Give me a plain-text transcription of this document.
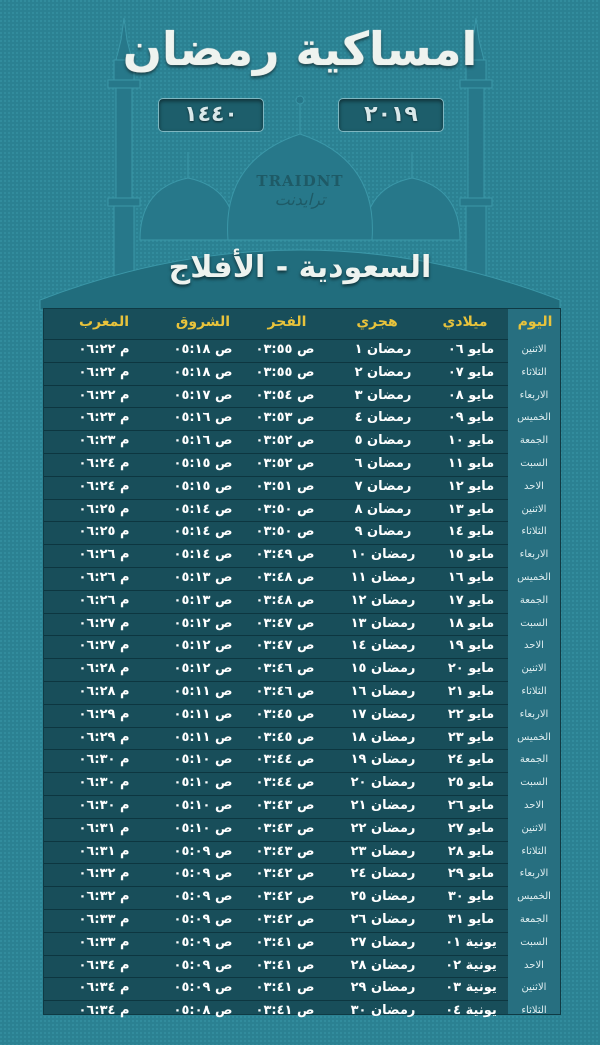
امساكية رمضان
١٤٤٠	٢٠١٩
TRAIDNT
ترايدنت
السعودية - الأفلاج
اليوم
ميلادي
هجري
الفجر
الشروق
المغرب
الاثنين
مايو ٠٦
رمضان ١
ص ٠٣:٥٥
ص ٠٥:١٨
م ٠٦:٢٢
الثلاثاء
مايو ٠٧
رمضان ٢
ص ٠٣:٥٥
ص ٠٥:١٨
م ٠٦:٢٢
الاربعاء
مايو ٠٨
رمضان ٣
ص ٠٣:٥٤
ص ٠٥:١٧
م ٠٦:٢٢
الخميس
مايو ٠٩
رمضان ٤
ص ٠٣:٥٣
ص ٠٥:١٦
م ٠٦:٢٣
الجمعة
مايو ١٠
رمضان ٥
ص ٠٣:٥٢
ص ٠٥:١٦
م ٠٦:٢٣
السبت
مايو ١١
رمضان ٦
ص ٠٣:٥٢
ص ٠٥:١٥
م ٠٦:٢٤
الاحد
مايو ١٢
رمضان ٧
ص ٠٣:٥١
ص ٠٥:١٥
م ٠٦:٢٤
الاثنين
مايو ١٣
رمضان ٨
ص ٠٣:٥٠
ص ٠٥:١٤
م ٠٦:٢٥
الثلاثاء
مايو ١٤
رمضان ٩
ص ٠٣:٥٠
ص ٠٥:١٤
م ٠٦:٢٥
الاربعاء
مايو ١٥
رمضان ١٠
ص ٠٣:٤٩
ص ٠٥:١٤
م ٠٦:٢٦
الخميس
مايو ١٦
رمضان ١١
ص ٠٣:٤٨
ص ٠٥:١٣
م ٠٦:٢٦
الجمعة
مايو ١٧
رمضان ١٢
ص ٠٣:٤٨
ص ٠٥:١٣
م ٠٦:٢٦
السبت
مايو ١٨
رمضان ١٣
ص ٠٣:٤٧
ص ٠٥:١٢
م ٠٦:٢٧
الاحد
مايو ١٩
رمضان ١٤
ص ٠٣:٤٧
ص ٠٥:١٢
م ٠٦:٢٧
الاثنين
مايو ٢٠
رمضان ١٥
ص ٠٣:٤٦
ص ٠٥:١٢
م ٠٦:٢٨
الثلاثاء
مايو ٢١
رمضان ١٦
ص ٠٣:٤٦
ص ٠٥:١١
م ٠٦:٢٨
الاربعاء
مايو ٢٢
رمضان ١٧
ص ٠٣:٤٥
ص ٠٥:١١
م ٠٦:٢٩
الخميس
مايو ٢٣
رمضان ١٨
ص ٠٣:٤٥
ص ٠٥:١١
م ٠٦:٢٩
الجمعة
مايو ٢٤
رمضان ١٩
ص ٠٣:٤٤
ص ٠٥:١٠
م ٠٦:٣٠
السبت
مايو ٢٥
رمضان ٢٠
ص ٠٣:٤٤
ص ٠٥:١٠
م ٠٦:٣٠
الاحد
مايو ٢٦
رمضان ٢١
ص ٠٣:٤٣
ص ٠٥:١٠
م ٠٦:٣٠
الاثنين
مايو ٢٧
رمضان ٢٢
ص ٠٣:٤٣
ص ٠٥:١٠
م ٠٦:٣١
الثلاثاء
مايو ٢٨
رمضان ٢٣
ص ٠٣:٤٣
ص ٠٥:٠٩
م ٠٦:٣١
الاربعاء
مايو ٢٩
رمضان ٢٤
ص ٠٣:٤٢
ص ٠٥:٠٩
م ٠٦:٣٢
الخميس
مايو ٣٠
رمضان ٢٥
ص ٠٣:٤٢
ص ٠٥:٠٩
م ٠٦:٣٢
الجمعة
مايو ٣١
رمضان ٢٦
ص ٠٣:٤٢
ص ٠٥:٠٩
م ٠٦:٣٣
السبت
يونية ٠١
رمضان ٢٧
ص ٠٣:٤١
ص ٠٥:٠٩
م ٠٦:٣٣
الاحد
يونية ٠٢
رمضان ٢٨
ص ٠٣:٤١
ص ٠٥:٠٩
م ٠٦:٣٤
الاثنين
يونية ٠٣
رمضان ٢٩
ص ٠٣:٤١
ص ٠٥:٠٩
م ٠٦:٣٤
الثلاثاء
يونية ٠٤
رمضان ٣٠
ص ٠٣:٤١
ص ٠٥:٠٨
م ٠٦:٣٤
